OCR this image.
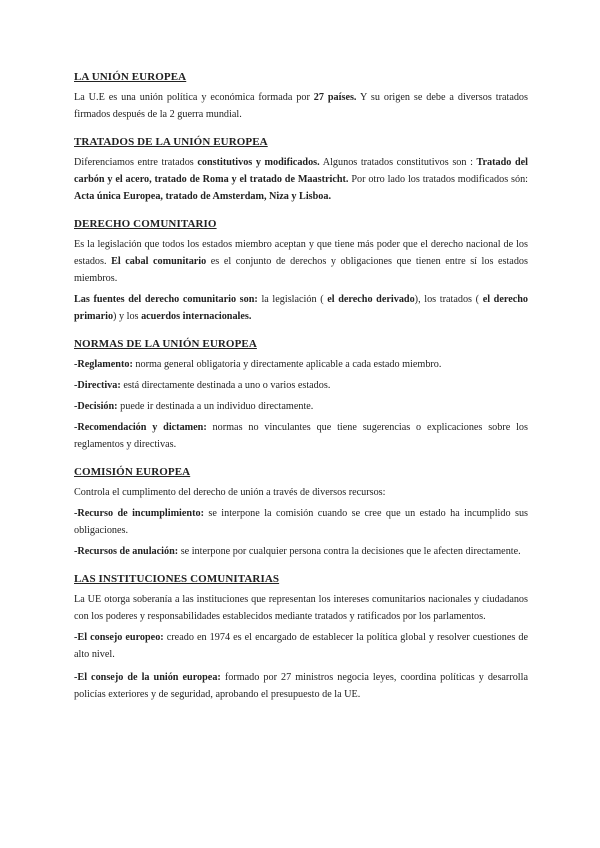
LA UNIÓN EUROPEA

La U.E es una unión política y económica formada por 27 países. Y su origen se debe a diversos tratados firmados después de la 2 guerra mundial.

TRATADOS DE LA UNIÓN EUROPEA

Diferenciamos entre tratados constitutivos y modificados. Algunos tratados constitutivos son : Tratado del carbón y el acero, tratado de Roma y el tratado de Maastricht. Por otro lado los tratados modificados són: Acta única Europea, tratado de Amsterdam, Niza y Lisboa.

DERECHO COMUNITARIO

Es la legislación que todos los estados miembro aceptan y que tiene más poder que el derecho nacional de los estados. El cabal comunitario es el conjunto de derechos y obligaciones que tienen entre sí los estados miembros.

Las fuentes del derecho comunitario son: la legislación ( el derecho derivado), los tratados ( el derecho primario) y los acuerdos internacionales.

NORMAS DE LA UNIÓN EUROPEA

-Reglamento: norma general obligatoria y directamente aplicable a cada estado miembro.

-Directiva: está directamente destinada a uno o varios estados.

-Decisión: puede ir destinada a un individuo directamente.

-Recomendación y dictamen: normas no vinculantes que tiene sugerencias o explicaciones sobre los reglamentos y directivas.

COMISIÓN EUROPEA

Controla el cumplimento del derecho de unión a través de diversos recursos:

-Recurso de incumplimiento: se interpone la comisión cuando se cree que un estado ha incumplido sus obligaciones.

-Recursos de anulación: se interpone por cualquier persona contra la decisiones que le afecten directamente.

LAS INSTITUCIONES COMUNITARIAS

La UE otorga soberanía a las instituciones que representan los intereses comunitarios nacionales y ciudadanos con los poderes y responsabilidades establecidos mediante tratados y ratificados por los parlamentos.

-El consejo europeo: creado en 1974 es el encargado de establecer la política global y resolver cuestiones de alto nivel.

-El consejo de la unión europea: formado por 27 ministros negocia leyes, coordina políticas y desarrolla policías exteriores y de seguridad, aprobando el presupuesto de la UE.
